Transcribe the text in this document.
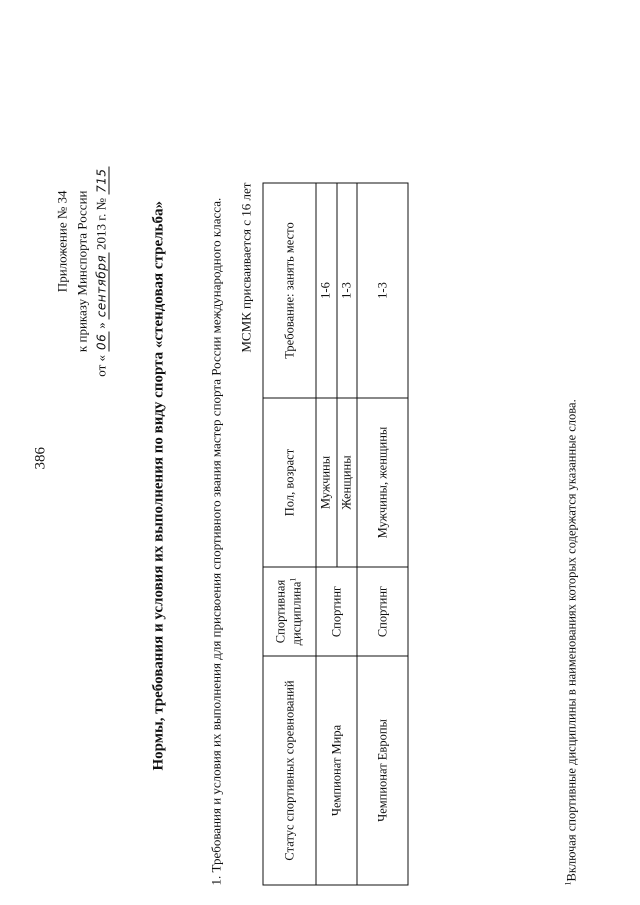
386
Приложение № 34 к приказу Минспорта России
от «
06
»
сентября
2013 г. №
715
Нормы, требования и условия их выполнения по виду спорта «стендовая стрельба»	1. Требования и условия их выполнения для присвоения спортивного звания мастер спорта России международного класса. МСМК присваивается с 16 лет
Статус спортивных соревнований	Спортивная дисциплина$^1$	Пол, возраст	Требование: занять место
Чемпионат Мира	Спортинг	Мужчины	1-6
		Женщины	1-3
Чемпионат Европы	Спортинг	Мужчины, женщины	1-3
$^1$Включая спортивные дисциплины в наименованиях которых содержатся указанные слова.
